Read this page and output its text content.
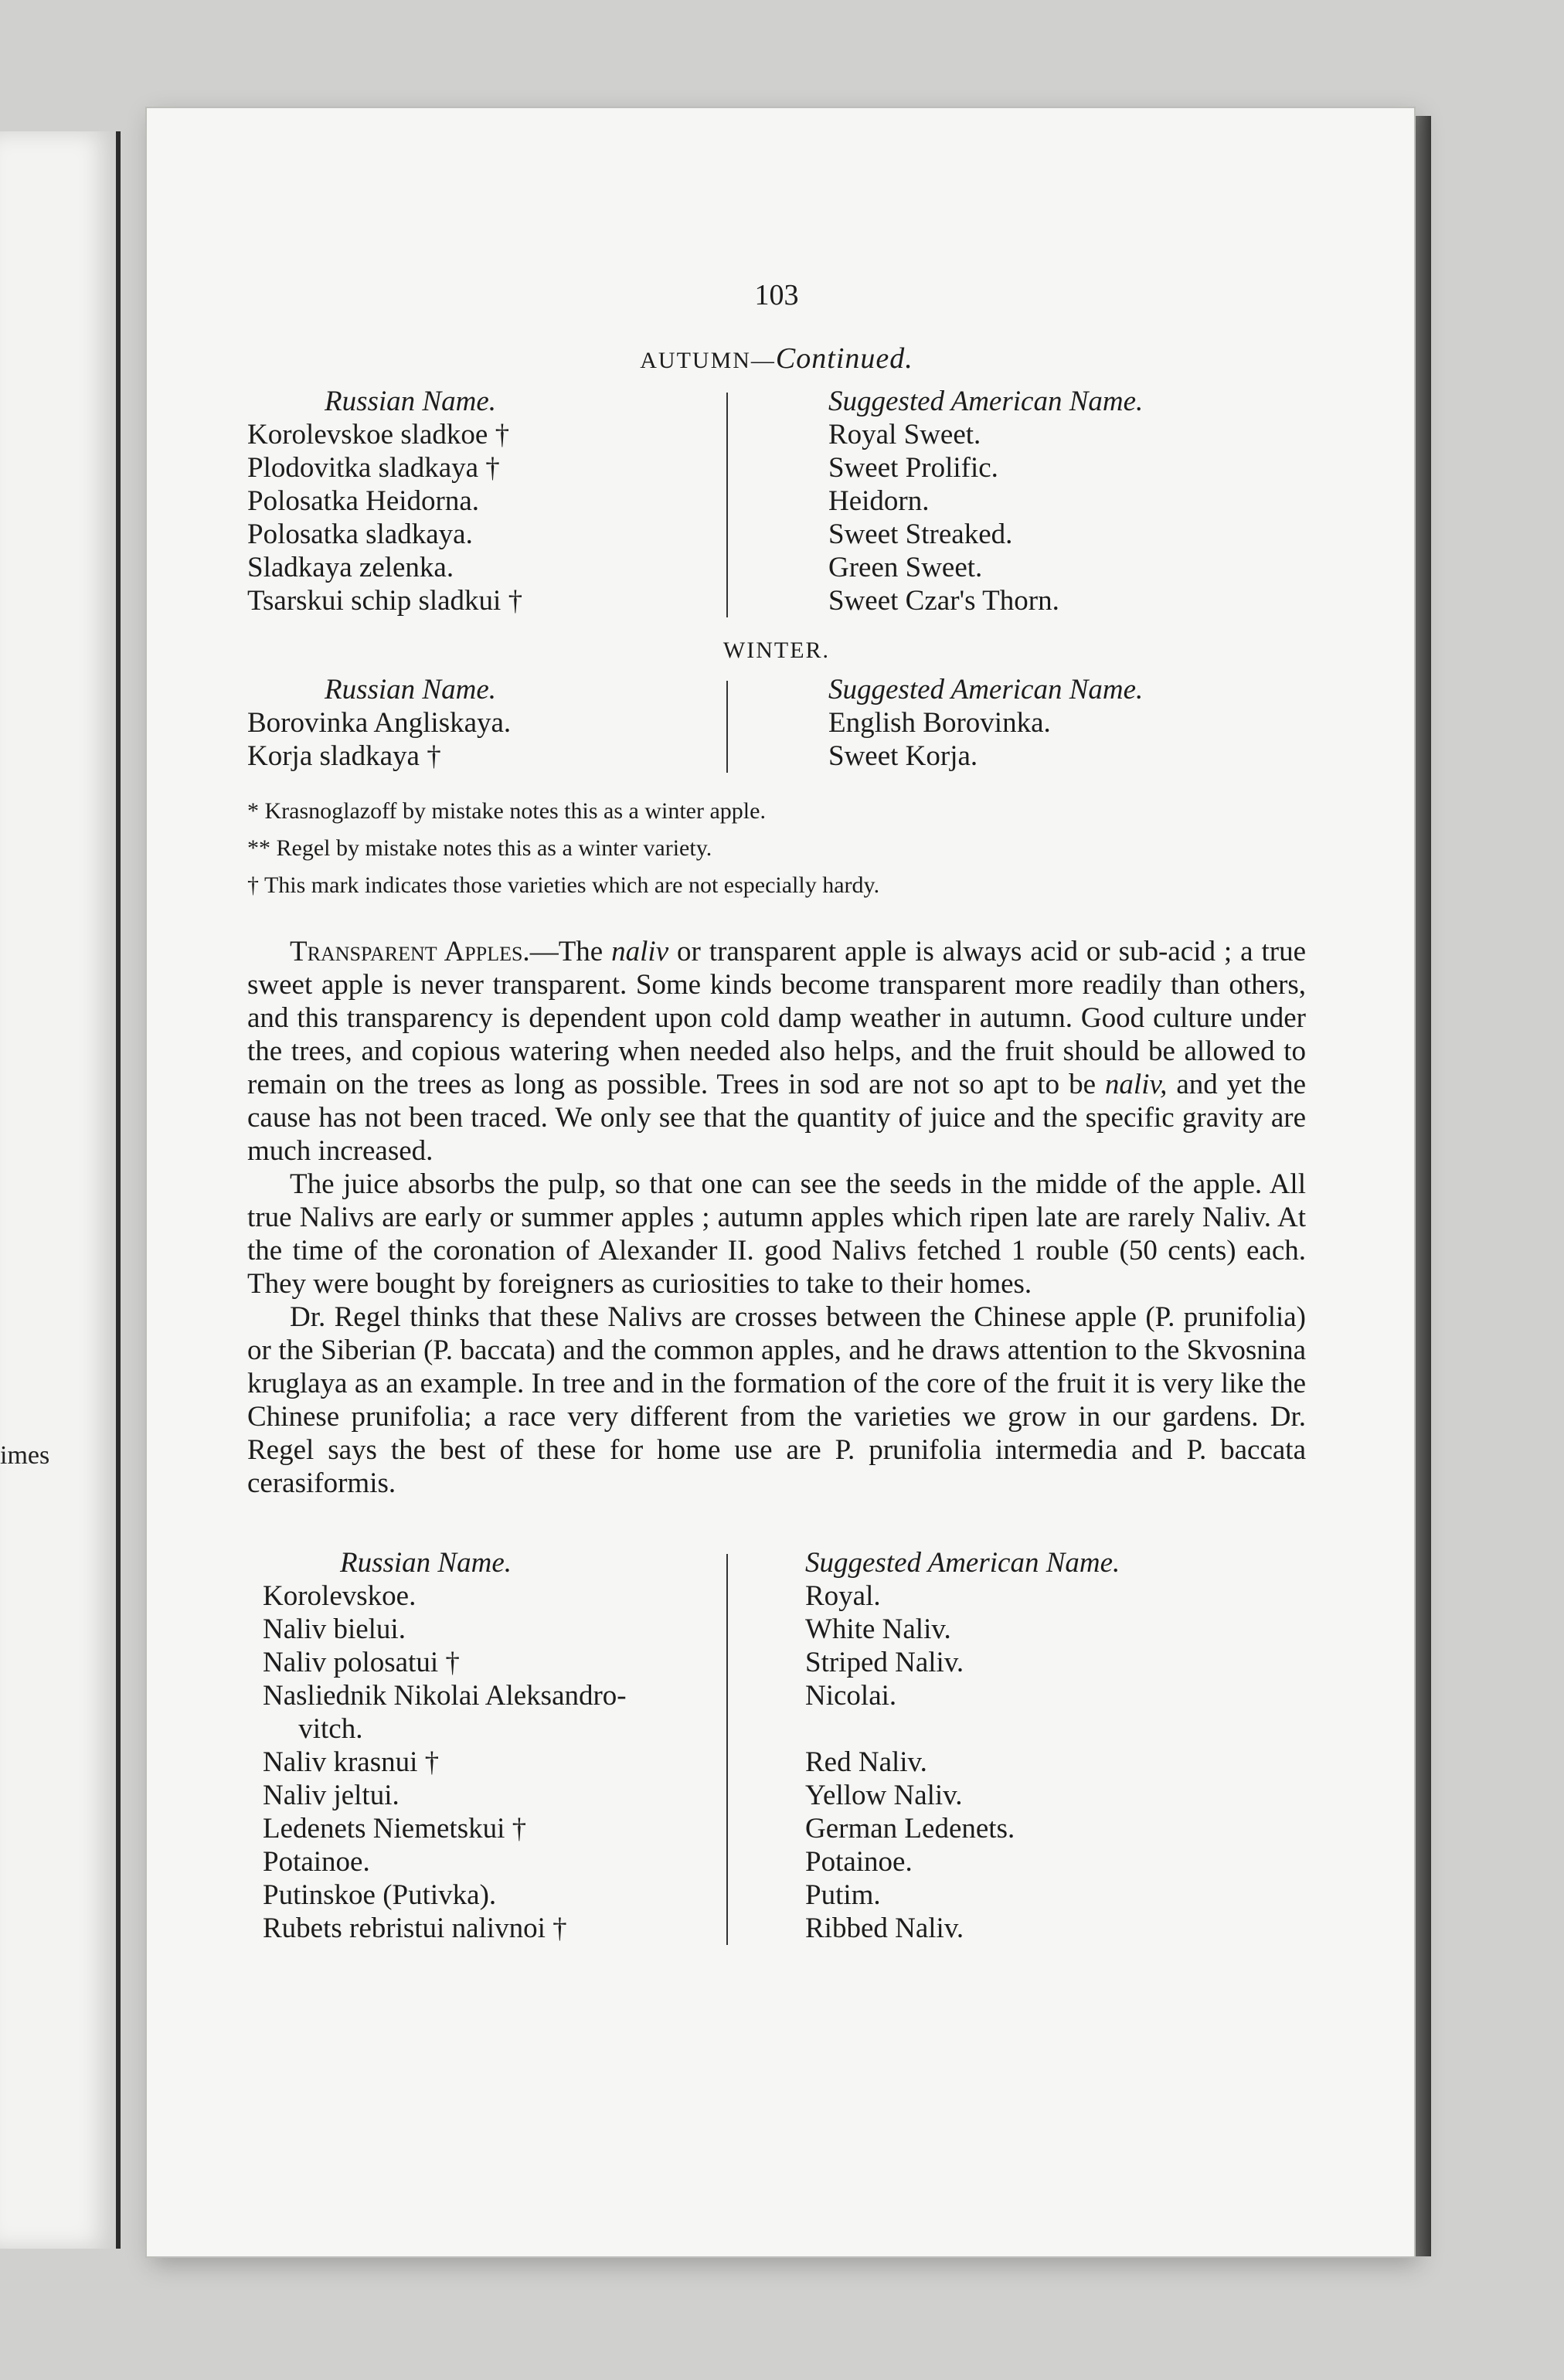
imes
103
AUTUMN—Continued.
Russian Name.
Korolevskoe sladkoe †
Plodovitka sladkaya †
Polosatka Heidorna.
Polosatka sladkaya.
Sladkaya zelenka.
Tsarskui schip sladkui †
Suggested American Name.
Royal Sweet.
Sweet Prolific.
Heidorn.
Sweet Streaked.
Green Sweet.
Sweet Czar's Thorn.
WINTER.
Russian Name.
Borovinka Angliskaya.
Korja sladkaya †
Suggested American Name.
English Borovinka.
Sweet Korja.
* Krasnoglazoff by mistake notes this as a winter apple.
** Regel by mistake notes this as a winter variety.
† This mark indicates those varieties which are not especially hardy.

Transparent Apples.—The naliv or transparent apple is always acid or sub-acid ; a true sweet apple is never transparent. Some kinds become transparent more readily than others, and this transparency is dependent upon cold damp weather in autumn. Good culture under the trees, and copious watering when needed also helps, and the fruit should be allowed to remain on the trees as long as possible. Trees in sod are not so apt to be naliv, and yet the cause has not been traced. We only see that the quantity of juice and the specific gravity are much increased.

The juice absorbs the pulp, so that one can see the seeds in the midde of the apple. All true Nalivs are early or summer apples ; autumn apples which ripen late are rarely Naliv. At the time of the coronation of Alexander II. good Nalivs fetched 1 rouble (50 cents) each. They were bought by foreigners as curiosities to take to their homes.

Dr. Regel thinks that these Nalivs are crosses between the Chinese apple (P. prunifolia) or the Siberian (P. baccata) and the common apples, and he draws attention to the Skvosnina kruglaya as an example. In tree and in the formation of the core of the fruit it is very like the Chinese prunifolia; a race very different from the varieties we grow in our gardens. Dr. Regel says the best of these for home use are P. prunifolia intermedia and P. baccata cerasiformis.

Russian Name.
Korolevskoe.
Naliv bielui.
Naliv polosatui †
Nasliednik Nikolai Aleksandro-
vitch.
Naliv krasnui †
Naliv jeltui.
Ledenets Niemetskui †
Potainoe.
Putinskoe (Putivka).
Rubets rebristui nalivnoi †
Suggested American Name.
Royal.
White Naliv.
Striped Naliv.
Nicolai.
Red Naliv.
Yellow Naliv.
German Ledenets.
Potainoe.
Putim.
Ribbed Naliv.
